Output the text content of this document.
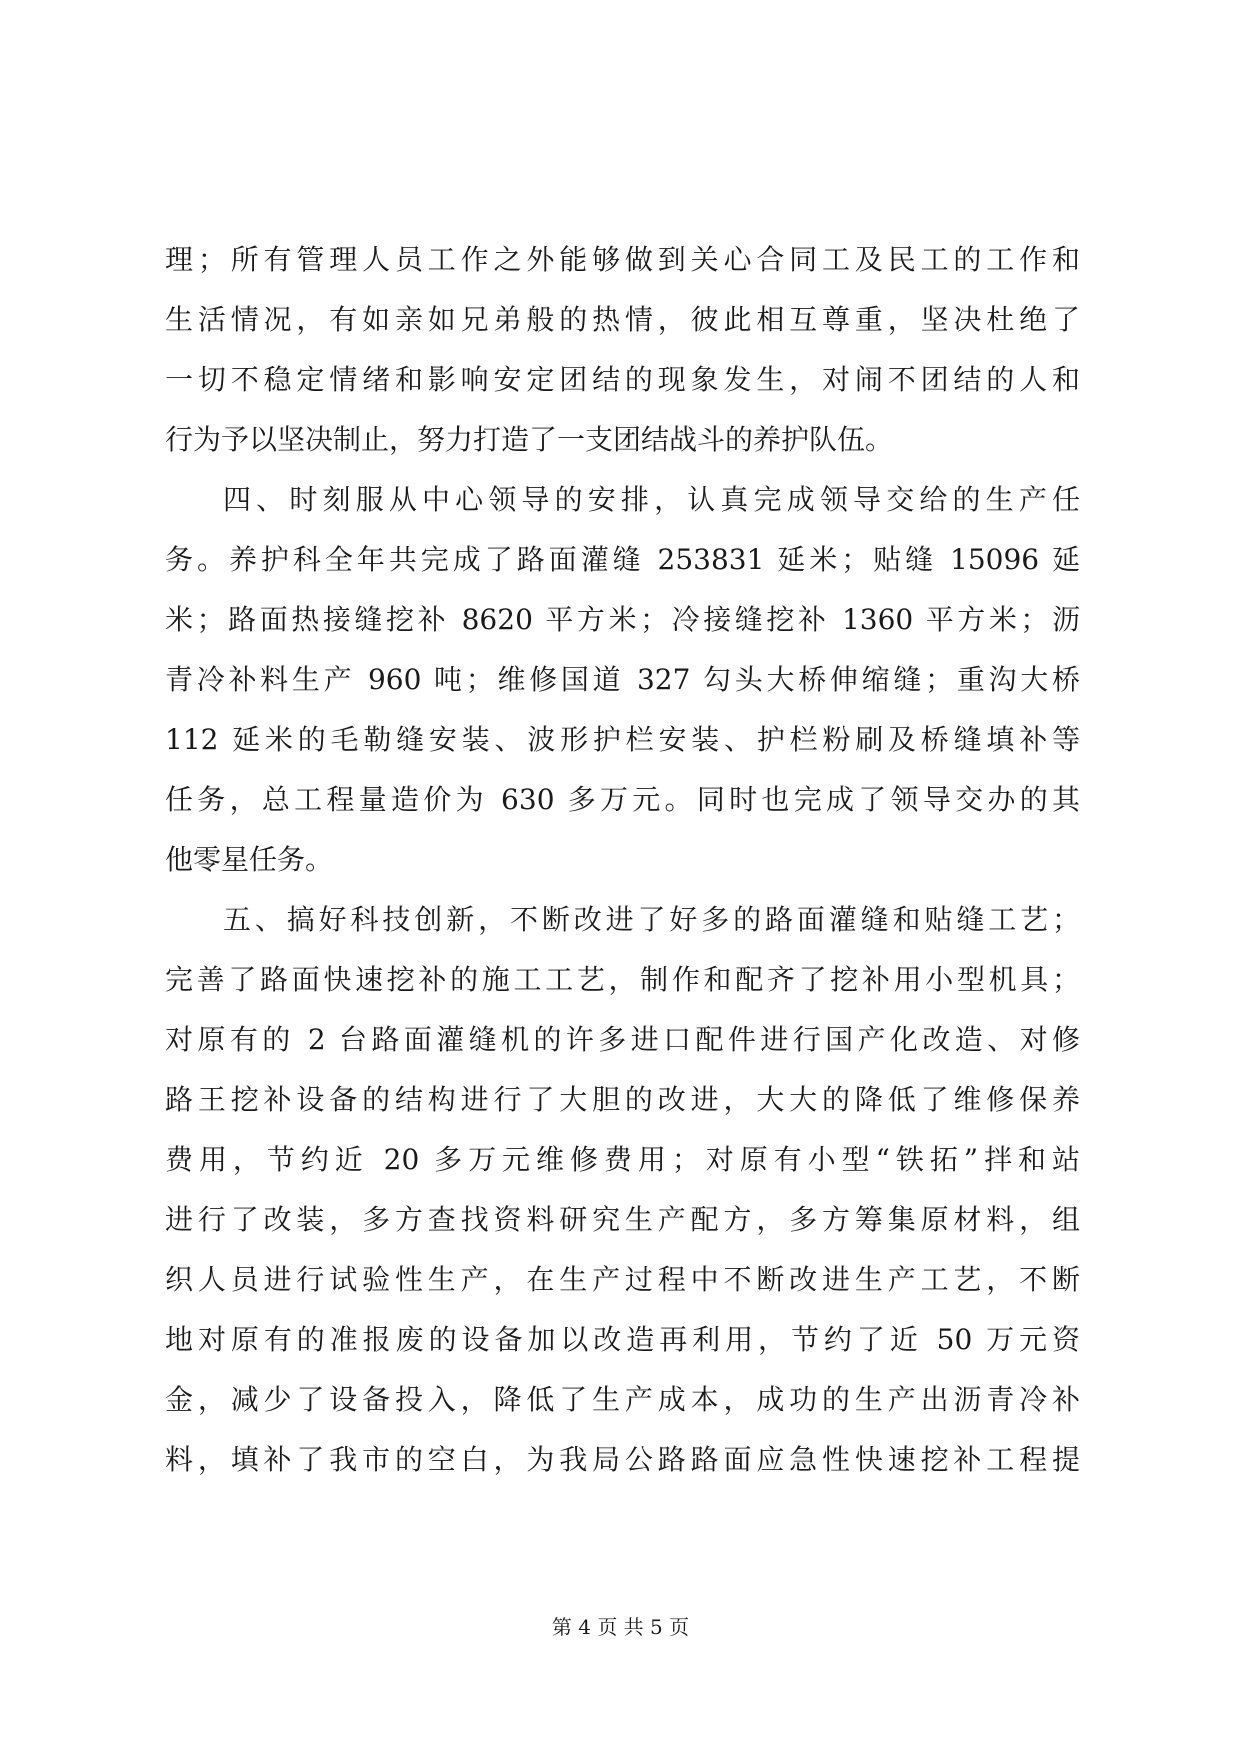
理；所有管理人员工作之外能够做到关心合同工及民工的工作和
生活情况，有如亲如兄弟般的热情，彼此相互尊重，坚决杜绝了
一切不稳定情绪和影响安定团结的现象发生，对闹不团结的人和
行为予以坚决制止，努力打造了一支团结战斗的养护队伍。
四、时刻服从中心领导的安排，认真完成领导交给的生产任
务。养护科全年共完成了路面灌缝 253831 延米；贴缝 15096 延
米；路面热接缝挖补 8620 平方米；冷接缝挖补 1360 平方米；沥
青冷补料生产 960 吨；维修国道 327 勾头大桥伸缩缝；重沟大桥
112 延米的毛勒缝安装、波形护栏安装、护栏粉刷及桥缝填补等
任务，总工程量造价为 630 多万元。同时也完成了领导交办的其
他零星任务。
五、搞好科技创新，不断改进了好多的路面灌缝和贴缝工艺；
完善了路面快速挖补的施工工艺，制作和配齐了挖补用小型机具；
对原有的 2 台路面灌缝机的许多进口配件进行国产化改造、对修
路王挖补设备的结构进行了大胆的改进，大大的降低了维修保养
费用，节约近 20 多万元维修费用；对原有小型“铁拓”拌和站
进行了改装，多方查找资料研究生产配方，多方筹集原材料，组
织人员进行试验性生产，在生产过程中不断改进生产工艺，不断
地对原有的准报废的设备加以改造再利用，节约了近 50 万元资
金，减少了设备投入，降低了生产成本，成功的生产出沥青冷补
料，填补了我市的空白，为我局公路路面应急性快速挖补工程提
第 4 页 共 5 页
